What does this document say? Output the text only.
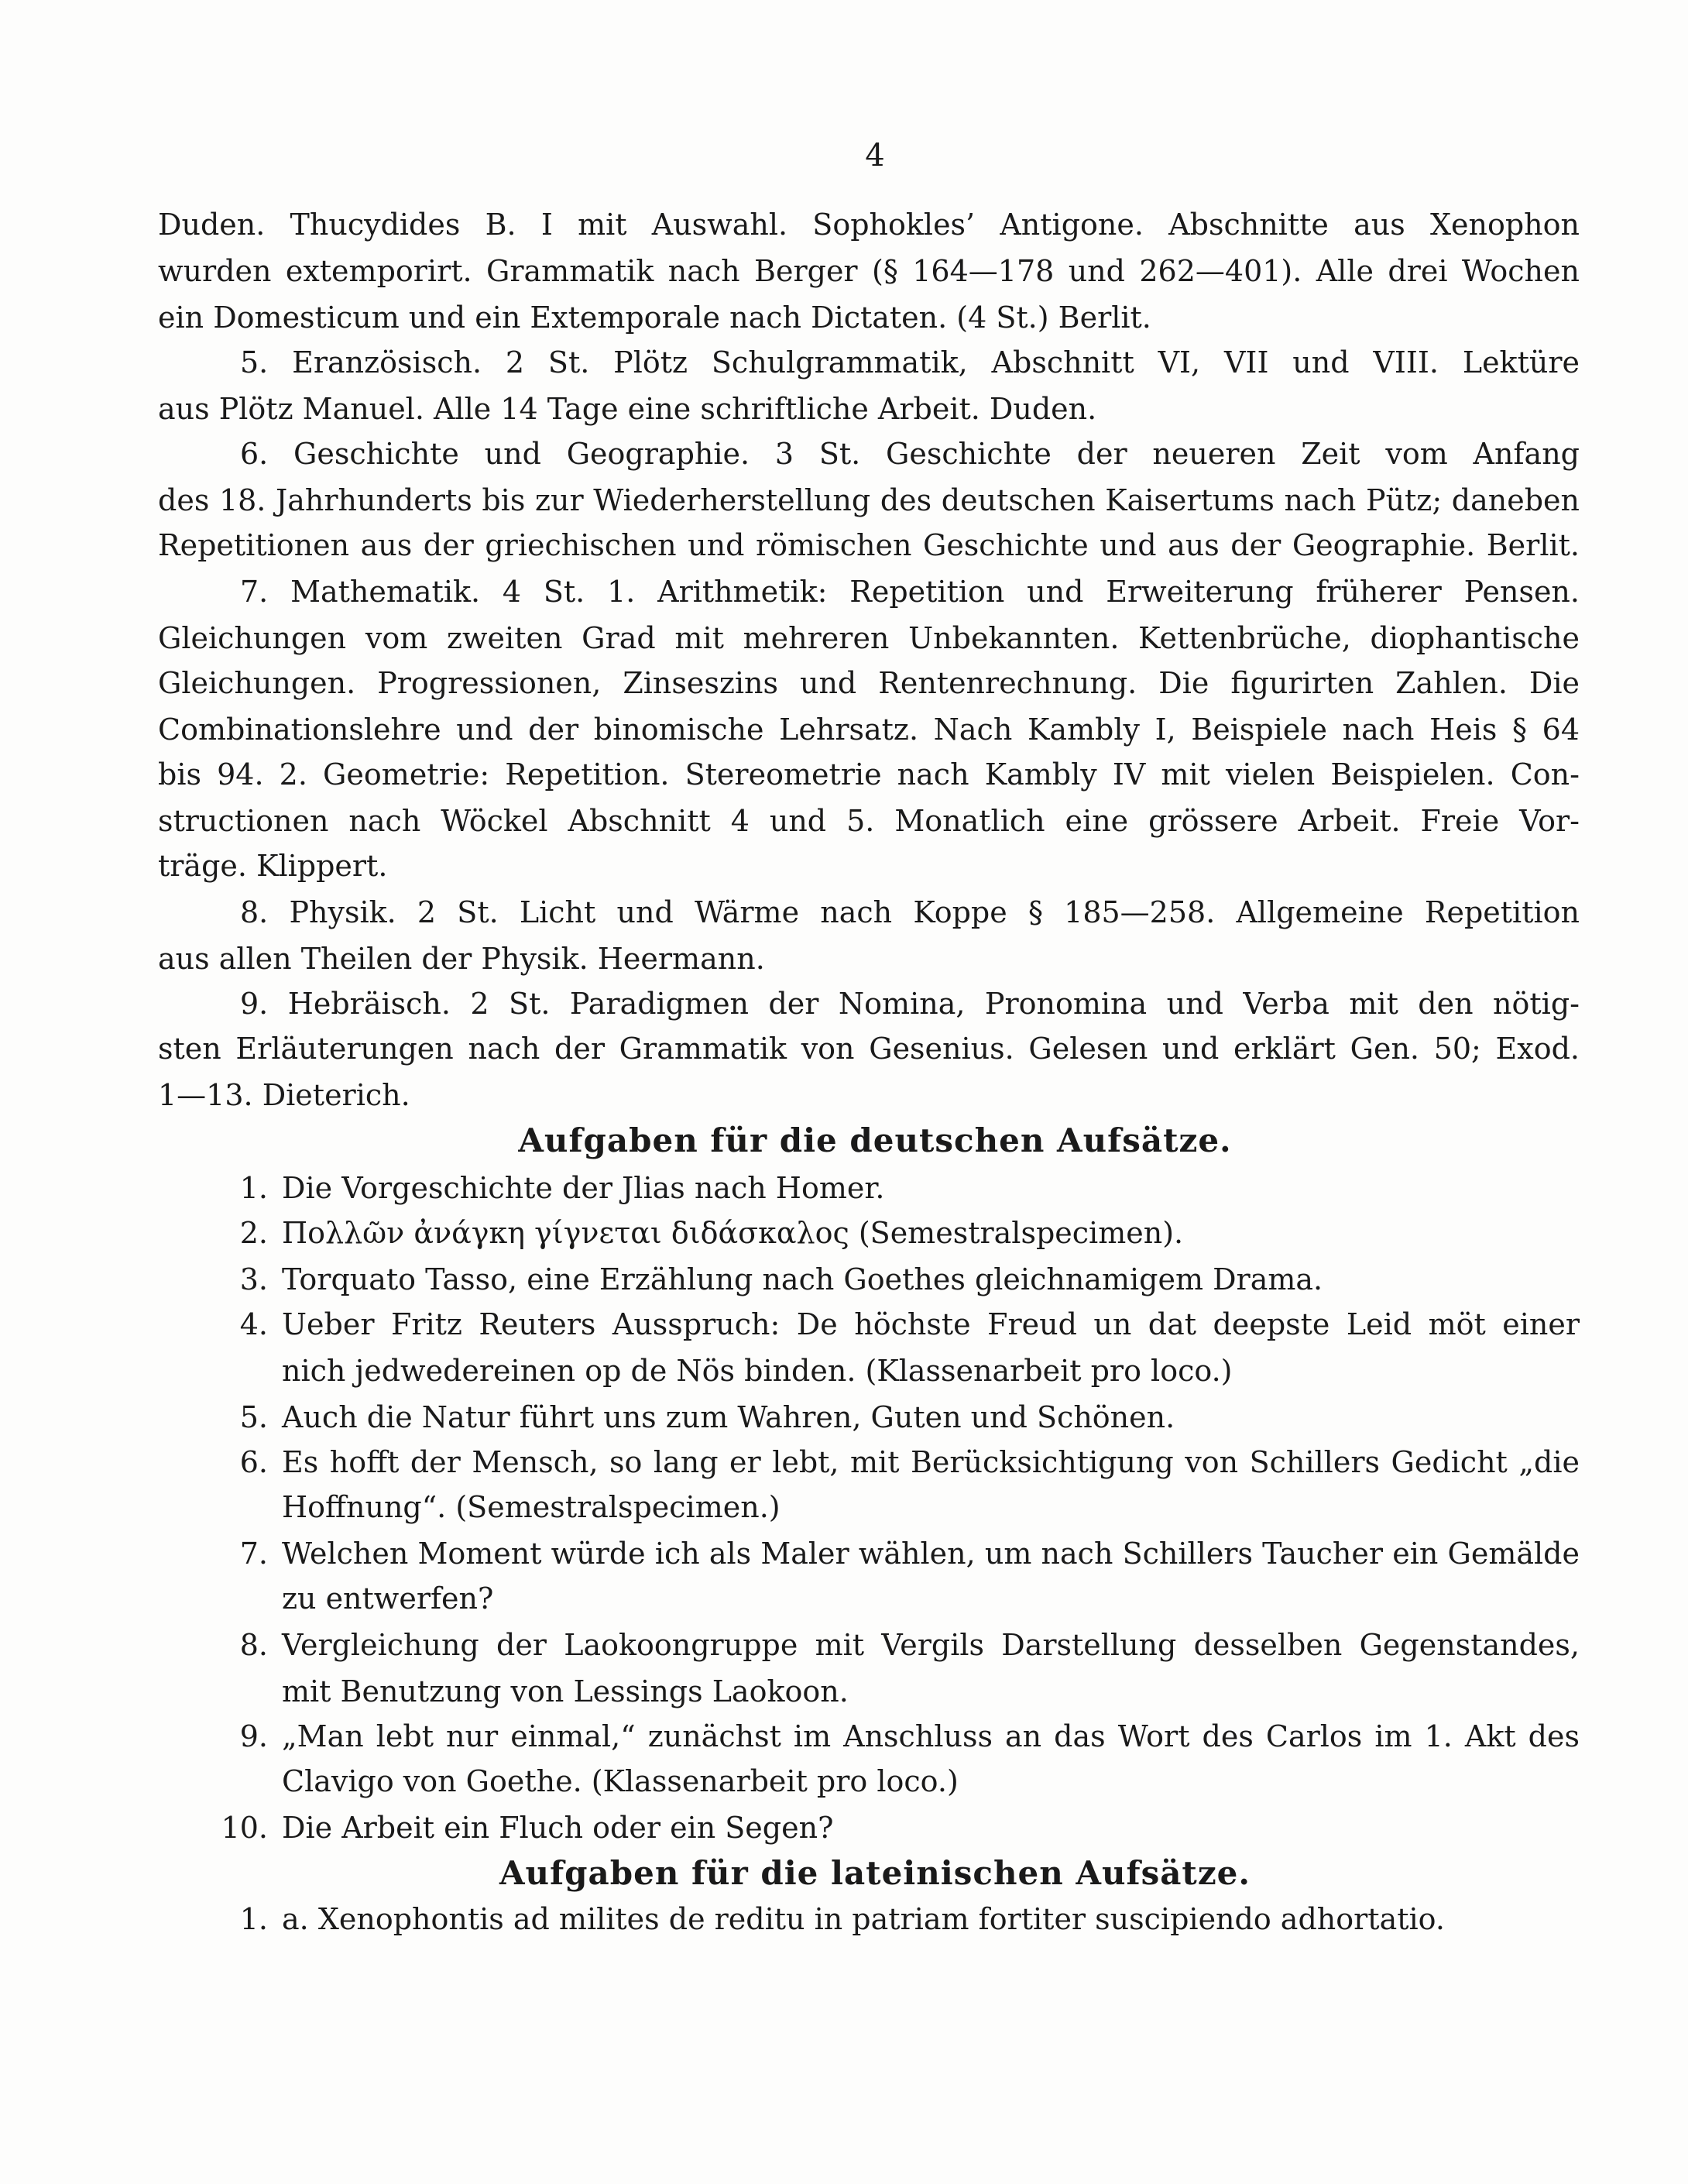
4
Duden. Thucydides B. I mit Auswahl. Sophokles’ Antigone. Abschnitte aus Xenophon
wurden extemporirt. Grammatik nach Berger (§ 164—178 und 262—401). Alle drei Wochen
ein Domesticum und ein Extemporale nach Dictaten. (4 St.) Berlit.
5. Eranzösisch. 2 St. Plötz Schulgrammatik, Abschnitt VI, VII und VIII. Lektüre
aus Plötz Manuel. Alle 14 Tage eine schriftliche Arbeit. Duden.
6. Geschichte und Geographie. 3 St. Geschichte der neueren Zeit vom Anfang
des 18. Jahrhunderts bis zur Wiederherstellung des deutschen Kaisertums nach Pütz; daneben
Repetitionen aus der griechischen und römischen Geschichte und aus der Geographie. Berlit.
7. Mathematik. 4 St. 1. Arithmetik: Repetition und Erweiterung früherer Pensen.
Gleichungen vom zweiten Grad mit mehreren Unbekannten. Kettenbrüche, diophantische
Gleichungen. Progressionen, Zinseszins und Rentenrechnung. Die figurirten Zahlen. Die
Combinationslehre und der binomische Lehrsatz. Nach Kambly I, Beispiele nach Heis § 64
bis 94. 2. Geometrie: Repetition. Stereometrie nach Kambly IV mit vielen Beispielen. Con-
structionen nach Wöckel Abschnitt 4 und 5. Monatlich eine grössere Arbeit. Freie Vor-
träge. Klippert.
8. Physik. 2 St. Licht und Wärme nach Koppe § 185—258. Allgemeine Repetition
aus allen Theilen der Physik. Heermann.
9. Hebräisch. 2 St. Paradigmen der Nomina, Pronomina und Verba mit den nötig-
sten Erläuterungen nach der Grammatik von Gesenius. Gelesen und erklärt Gen. 50; Exod.
1—13. Dieterich.
Aufgaben für die deutschen Aufsätze.
1. Die Vorgeschichte der Jlias nach Homer.
2. Πολλῶν ἀνάγκη γίγνεται διδάσκαλος (Semestralspecimen).
3. Torquato Tasso, eine Erzählung nach Goethes gleichnamigem Drama.
4. Ueber Fritz Reuters Ausspruch: De höchste Freud un dat deepste Leid möt einer
nich jedwedereinen op de Nös binden. (Klassenarbeit pro loco.)
5. Auch die Natur führt uns zum Wahren, Guten und Schönen.
6. Es hofft der Mensch, so lang er lebt, mit Berücksichtigung von Schillers Gedicht „die
Hoffnung“. (Semestralspecimen.)
7. Welchen Moment würde ich als Maler wählen, um nach Schillers Taucher ein Gemälde
zu entwerfen?
8. Vergleichung der Laokoongruppe mit Vergils Darstellung desselben Gegenstandes,
mit Benutzung von Lessings Laokoon.
9. „Man lebt nur einmal,“ zunächst im Anschluss an das Wort des Carlos im 1. Akt des
Clavigo von Goethe. (Klassenarbeit pro loco.)
10. Die Arbeit ein Fluch oder ein Segen?
Aufgaben für die lateinischen Aufsätze.
1. a. Xenophontis ad milites de reditu in patriam fortiter suscipiendo adhortatio.
